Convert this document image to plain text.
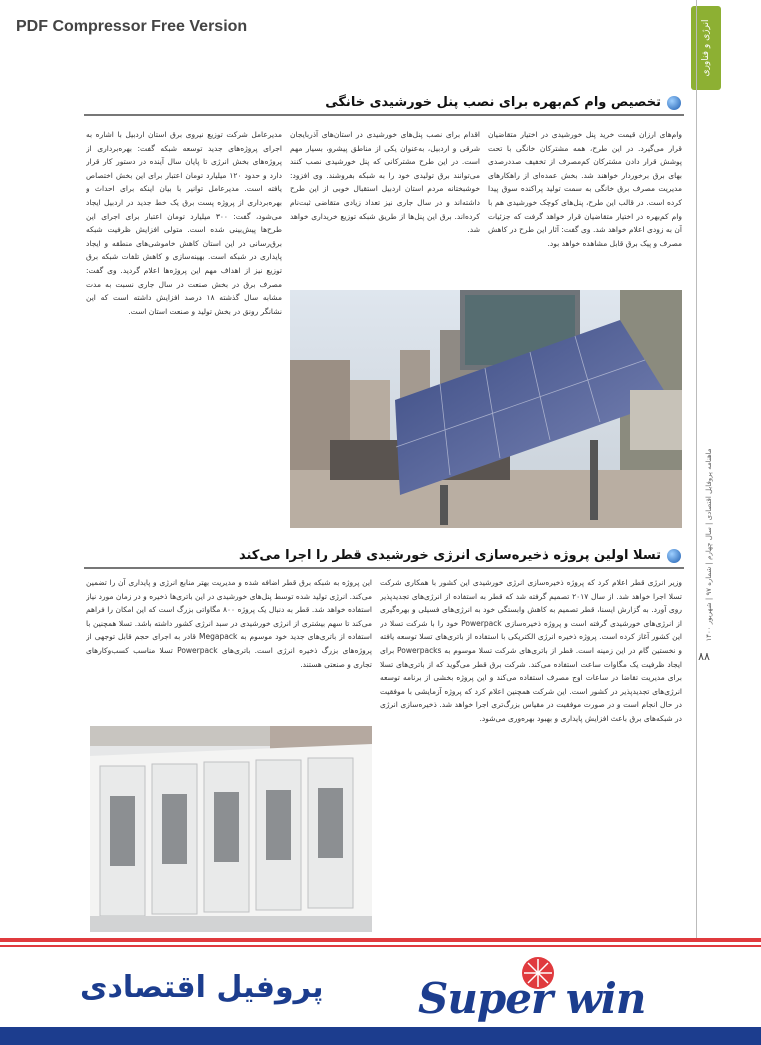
PDF Compressor Free Version	انرژی و فناوری
ماهنامه پروفایل اقتصادی | سال چهارم | شماره ۹۷ | شهریور ۱۴۰۰
۸۸
تخصیص وام کم‌بهره برای نصب پنل خورشیدی خانگی
وام‌های ارزان قیمت خرید پنل خورشیدی در اختیار متقاضیان قرار می‌گیرد. در این طرح، همه مشترکان خانگی با تحت پوشش قرار دادن مشترکان کم‌مصرف از تخفیف صددرصدی بهای برق برخوردار خواهند شد. بخش عمده‌ای از راهکارهای مدیریت مصرف برق خانگی به سمت تولید پراکنده سوق پیدا کرده است. در قالب این طرح، پنل‌های کوچک خورشیدی هم با وام کم‌بهره در اختیار متقاضیان قرار خواهد گرفت که جزئیات آن به زودی اعلام خواهد شد. وی گفت: آثار این طرح در کاهش مصرف و پیک برق قابل مشاهده خواهد بود.
اقدام برای نصب پنل‌های خورشیدی در استان‌های آذربایجان شرقی و اردبیل، به‌عنوان یکی از مناطق پیشرو، بسیار مهم است. در این طرح مشترکانی که پنل خورشیدی نصب کنند می‌توانند برق تولیدی خود را به شبکه بفروشند. وی افزود: خوشبختانه مردم استان اردبیل استقبال خوبی از این طرح داشته‌اند و در سال جاری نیز تعداد زیادی متقاضی ثبت‌نام کرده‌اند. برق این پنل‌ها از طریق شبکه توزیع خریداری خواهد شد.
مدیرعامل شرکت توزیع نیروی برق استان اردبیل با اشاره به اجرای پروژه‌های جدید توسعه شبکه گفت: بهره‌برداری از پروژه‌های بخش انرژی تا پایان سال آینده در دستور کار قرار دارد و حدود ۱۲۰ میلیارد تومان اعتبار برای این بخش اختصاص یافته است. مدیرعامل توانیر با بیان اینکه برای احداث و بهره‌برداری از پروژه پست برق یک خط جدید در اردبیل ایجاد می‌شود، گفت: ۳۰۰ میلیارد تومان اعتبار برای اجرای این طرح‌ها پیش‌بینی شده است. متولی افزایش ظرفیت شبکه برق‌رسانی در این استان کاهش خاموشی‌های منطقه و ایجاد پایداری در شبکه است. بهینه‌سازی و کاهش تلفات شبکه برق توزیع نیز از اهداف مهم این پروژه‌ها اعلام گردید. وی گفت: مصرف برق در بخش صنعت در سال جاری نسبت به مدت مشابه سال گذشته ۱۸ درصد افزایش داشته است که این نشانگر رونق در بخش تولید و صنعت استان است.
تسلا اولین پروژه ذخیره‌سازی انرژی خورشیدی قطر را اجرا می‌کند
وزیر انرژی قطر اعلام کرد که پروژه ذخیره‌سازی انرژی خورشیدی این کشور با همکاری شرکت تسلا اجرا خواهد شد. از سال ۲۰۱۷ تصمیم گرفته شد که قطر به استفاده از انرژی‌های تجدیدپذیر روی آورد. به گزارش ایسنا، قطر تصمیم به کاهش وابستگی خود به انرژی‌های فسیلی و بهره‌گیری از انرژی‌های خورشیدی گرفته است و پروژه ذخیره‌سازی Powerpack خود را با شرکت تسلا در این کشور آغاز کرده است. پروژه ذخیره انرژی الکتریکی با استفاده از باتری‌های تسلا توسعه یافته و نخستین گام در این زمینه است. قطر از باتری‌های شرکت تسلا موسوم به Powerpacks برای ایجاد ظرفیت یک مگاوات ساعت استفاده می‌کند. شرکت برق قطر می‌گوید که از باتری‌های تسلا برای مدیریت تقاضا در ساعات اوج مصرف استفاده می‌کند و این پروژه بخشی از برنامه توسعه انرژی‌های تجدیدپذیر در کشور است. این شرکت همچنین اعلام کرد که پروژه آزمایشی با موفقیت در حال انجام است و در صورت موفقیت در مقیاس بزرگ‌تری اجرا خواهد شد. ذخیره‌سازی انرژی در شبکه‌های برق باعث افزایش پایداری و بهبود بهره‌وری می‌شود.
این پروژه به شبکه برق قطر اضافه شده و مدیریت بهتر منابع انرژی و پایداری آن را تضمین می‌کند. انرژی تولید شده توسط پنل‌های خورشیدی در این باتری‌ها ذخیره و در زمان مورد نیاز استفاده خواهد شد. قطر به دنبال یک پروژه ۸۰۰ مگاواتی بزرگ است که این امکان را فراهم می‌کند تا سهم بیشتری از انرژی خورشیدی در سبد انرژی کشور داشته باشد. تسلا همچنین با استفاده از باتری‌های جدید خود موسوم به Megapack قادر به اجرای حجم قابل توجهی از پروژه‌های بزرگ ذخیره انرژی است. باتری‌های Powerpack تسلا مناسب کسب‌وکارهای تجاری و صنعتی هستند.
پروفیل اقتصادی Super win
